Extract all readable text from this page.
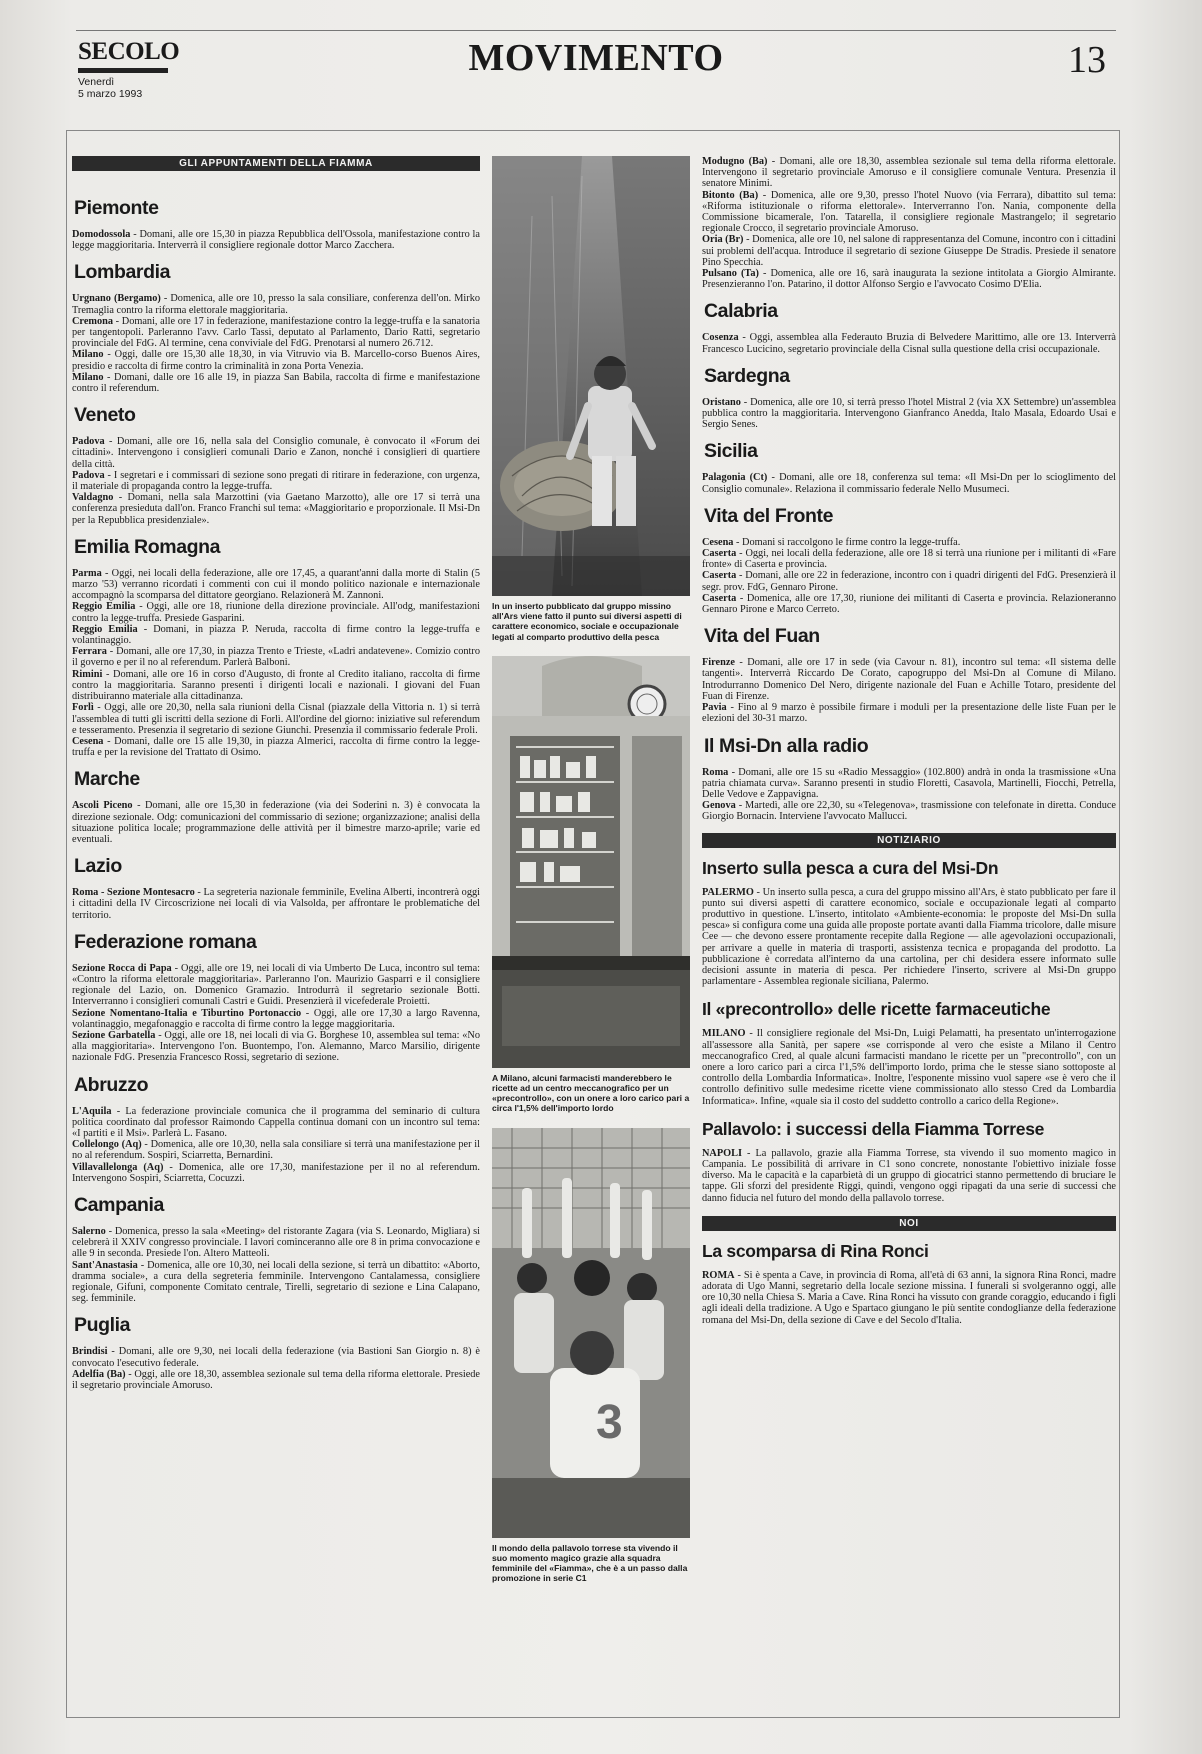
SECOLO
Venerdì
5 marzo 1993
MOVIMENTO	13
GLI APPUNTAMENTI DELLA FIAMMA
Piemonte

Domodossola - Domani, alle ore 15,30 in piazza Repubblica dell'Ossola, manifestazione contro la legge maggioritaria. Interverrà il consigliere regionale dottor Marco Zacchera.

Lombardia

Urgnano (Bergamo) - Domenica, alle ore 10, presso la sala consiliare, conferenza dell'on. Mirko Tremaglia contro la riforma elettorale maggioritaria.

Cremona - Domani, alle ore 17 in federazione, manifestazione contro la legge-truffa e la sanatoria per tangentopoli. Parleranno l'avv. Carlo Tassi, deputato al Parlamento, Dario Ratti, segretario provinciale del FdG. Al termine, cena conviviale del FdG. Prenotarsi al numero 26.712.

Milano - Oggi, dalle ore 15,30 alle 18,30, in via Vitruvio via B. Marcello-corso Buenos Aires, presidio e raccolta di firme contro la criminalità in zona Porta Venezia.

Milano - Domani, dalle ore 16 alle 19, in piazza San Babila, raccolta di firme e manifestazione contro il referendum.

Veneto

Padova - Domani, alle ore 16, nella sala del Consiglio comunale, è convocato il «Forum dei cittadini». Intervengono i consiglieri comunali Dario e Zanon, nonché i consiglieri di quartiere della città.

Padova - I segretari e i commissari di sezione sono pregati di ritirare in federazione, con urgenza, il materiale di propaganda contro la legge-truffa.

Valdagno - Domani, nella sala Marzottini (via Gaetano Marzotto), alle ore 17 si terrà una conferenza presieduta dall'on. Franco Franchi sul tema: «Maggioritario e proporzionale. Il Msi-Dn per la Repubblica presidenziale».

Emilia Romagna

Parma - Oggi, nei locali della federazione, alle ore 17,45, a quarant'anni dalla morte di Stalin (5 marzo '53) verranno ricordati i commenti con cui il mondo politico nazionale e internazionale accompagnò la scomparsa del dittatore georgiano. Relazionerà M. Zannoni.

Reggio Emilia - Oggi, alle ore 18, riunione della direzione provinciale. All'odg, manifestazioni contro la legge-truffa. Presiede Gasparini.

Reggio Emilia - Domani, in piazza P. Neruda, raccolta di firme contro la legge-truffa e volantinaggio.

Ferrara - Domani, alle ore 17,30, in piazza Trento e Trieste, «Ladri andatevene». Comizio contro il governo e per il no al referendum. Parlerà Balboni.

Rimini - Domani, alle ore 16 in corso d'Augusto, di fronte al Credito italiano, raccolta di firme contro la maggioritaria. Saranno presenti i dirigenti locali e nazionali. I giovani del Fuan distribuiranno materiale alla cittadinanza.

Forlì - Oggi, alle ore 20,30, nella sala riunioni della Cisnal (piazzale della Vittoria n. 1) si terrà l'assemblea di tutti gli iscritti della sezione di Forlì. All'ordine del giorno: iniziative sul referendum e tesseramento. Presenzia il segretario di sezione Giunchi. Presenzia il commissario federale Proli.

Cesena - Domani, dalle ore 15 alle 19,30, in piazza Almerici, raccolta di firme contro la legge-truffa e per la revisione del Trattato di Osimo.

Marche

Ascoli Piceno - Domani, alle ore 15,30 in federazione (via dei Soderini n. 3) è convocata la direzione sezionale. Odg: comunicazioni del commissario di sezione; organizzazione; analisi della situazione politica locale; programmazione delle attività per il bimestre marzo-aprile; varie ed eventuali.

Lazio

Roma - Sezione Montesacro - La segreteria nazionale femminile, Evelina Alberti, incontrerà oggi i cittadini della IV Circoscrizione nei locali di via Valsolda, per affrontare le problematiche del territorio.

Federazione romana

Sezione Rocca di Papa - Oggi, alle ore 19, nei locali di via Umberto De Luca, incontro sul tema: «Contro la riforma elettorale maggioritaria». Parleranno l'on. Maurizio Gasparri e il consigliere regionale del Lazio, on. Domenico Gramazio. Introdurrà il segretario sezionale Botti. Interverranno i consiglieri comunali Castri e Guidi. Presenzierà il vicefederale Proietti.

Sezione Nomentano-Italia e Tiburtino Portonaccio - Oggi, alle ore 17,30 a largo Ravenna, volantinaggio, megafonaggio e raccolta di firme contro la legge maggioritaria.

Sezione Garbatella - Oggi, alle ore 18, nei locali di via G. Borghese 10, assemblea sul tema: «No alla maggioritaria». Intervengono l'on. Buontempo, l'on. Alemanno, Marco Marsilio, dirigente nazionale FdG. Presenzia Francesco Rossi, segretario di sezione.

Abruzzo

L'Aquila - La federazione provinciale comunica che il programma del seminario di cultura politica coordinato dal professor Raimondo Cappella continua domani con un incontro sul tema: «I partiti e il Msi». Parlerà L. Fasano.

Collelongo (Aq) - Domenica, alle ore 10,30, nella sala consiliare si terrà una manifestazione per il no al referendum. Sospiri, Sciarretta, Bernardini.

Villavallelonga (Aq) - Domenica, alle ore 17,30, manifestazione per il no al referendum. Intervengono Sospiri, Sciarretta, Cocuzzi.

Campania

Salerno - Domenica, presso la sala «Meeting» del ristorante Zagara (via S. Leonardo, Migliara) si celebrerà il XXIV congresso provinciale. I lavori cominceranno alle ore 8 in prima convocazione e alle 9 in seconda. Presiede l'on. Altero Matteoli.

Sant'Anastasia - Domenica, alle ore 10,30, nei locali della sezione, si terrà un dibattito: «Aborto, dramma sociale», a cura della segreteria femminile. Intervengono Cantalamessa, consigliere regionale, Gifuni, componente Comitato centrale, Tirelli, segretario di sezione e Lina Calapano, seg. femminile.

Puglia

Brindisi - Domani, alle ore 9,30, nei locali della federazione (via Bastioni San Giorgio n. 8) è convocato l'esecutivo federale.

Adelfia (Ba) - Oggi, alle ore 18,30, assemblea sezionale sul tema della riforma elettorale. Presiede il segretario provinciale Amoruso.

In un inserto pubblicato dal gruppo missino all'Ars viene fatto il punto sui diversi aspetti di carattere economico, sociale e occupazionale legati al comparto produttivo della pesca
A Milano, alcuni farmacisti manderebbero le ricette ad un centro meccanografico per un «precontrollo», con un onere a loro carico pari a circa l'1,5% dell'importo lordo
3
Il mondo della pallavolo torrese sta vivendo il suo momento magico grazie alla squadra femminile del «Fiamma», che è a un passo dalla promozione in serie C1

Modugno (Ba) - Domani, alle ore 18,30, assemblea sezionale sul tema della riforma elettorale. Intervengono il segretario provinciale Amoruso e il consigliere comunale Ventura. Presenzia il senatore Minimi.

Bitonto (Ba) - Domenica, alle ore 9,30, presso l'hotel Nuovo (via Ferrara), dibattito sul tema: «Riforma istituzionale o riforma elettorale». Interverranno l'on. Nania, componente della Commissione bicamerale, l'on. Tatarella, il consigliere regionale Mastrangelo; il segretario regionale Crocco, il segretario provinciale Amoruso.

Oria (Br) - Domenica, alle ore 10, nel salone di rappresentanza del Comune, incontro con i cittadini sui problemi dell'acqua. Introduce il segretario di sezione Giuseppe De Stradis. Presiede il senatore Pino Specchia.

Pulsano (Ta) - Domenica, alle ore 16, sarà inaugurata la sezione intitolata a Giorgio Almirante. Presenzieranno l'on. Patarino, il dottor Alfonso Sergio e l'avvocato Cosimo D'Elia.

Calabria

Cosenza - Oggi, assemblea alla Federauto Bruzia di Belvedere Marittimo, alle ore 13. Interverrà Francesco Lucicino, segretario provinciale della Cisnal sulla questione della crisi occupazionale.

Sardegna

Oristano - Domenica, alle ore 10, si terrà presso l'hotel Mistral 2 (via XX Settembre) un'assemblea pubblica contro la maggioritaria. Intervengono Gianfranco Anedda, Italo Masala, Edoardo Usai e Sergio Senes.

Sicilia

Palagonia (Ct) - Domani, alle ore 18, conferenza sul tema: «Il Msi-Dn per lo scioglimento del Consiglio comunale». Relaziona il commissario federale Nello Musumeci.

Vita del Fronte

Cesena - Domani si raccolgono le firme contro la legge-truffa.

Caserta - Oggi, nei locali della federazione, alle ore 18 si terrà una riunione per i militanti di «Fare fronte» di Caserta e provincia.

Caserta - Domani, alle ore 22 in federazione, incontro con i quadri dirigenti del FdG. Presenzierà il segr. prov. FdG, Gennaro Pirone.

Caserta - Domenica, alle ore 17,30, riunione dei militanti di Caserta e provincia. Relazioneranno Gennaro Pirone e Marco Cerreto.

Vita del Fuan

Firenze - Domani, alle ore 17 in sede (via Cavour n. 81), incontro sul tema: «Il sistema delle tangenti». Interverrà Riccardo De Corato, capogruppo del Msi-Dn al Comune di Milano. Introdurranno Domenico Del Nero, dirigente nazionale del Fuan e Achille Totaro, presidente del Fuan di Firenze.

Pavia - Fino al 9 marzo è possibile firmare i moduli per la presentazione delle liste Fuan per le elezioni del 30-31 marzo.

Il Msi-Dn alla radio

Roma - Domani, alle ore 15 su «Radio Messaggio» (102.800) andrà in onda la trasmissione «Una patria chiamata curva». Saranno presenti in studio Floretti, Casavola, Martinelli, Fiocchi, Petrella, Delle Vedove e Zappavigna.

Genova - Martedì, alle ore 22,30, su «Telegenova», trasmissione con telefonate in diretta. Conduce Giorgio Bornacin. Interviene l'avvocato Mallucci.

NOTIZIARIO
Inserto sulla pesca a cura del Msi-Dn

PALERMO - Un inserto sulla pesca, a cura del gruppo missino all'Ars, è stato pubblicato per fare il punto sui diversi aspetti di carattere economico, sociale e occupazionale legati al comparto produttivo in questione. L'inserto, intitolato «Ambiente-economia: le proposte del Msi-Dn sulla pesca» si configura come una guida alle proposte portate avanti dalla Fiamma tricolore, dalle misure Cee — che devono essere prontamente recepite dalla Regione — alle agevolazioni occupazionali, per arrivare a quelle in materia di trasporti, assistenza tecnica e propaganda del prodotto. La pubblicazione è corredata all'interno da una cartolina, per chi desidera essere informato sulle decisioni assunte in materia di pesca. Per richiedere l'inserto, scrivere al Msi-Dn gruppo parlamentare - Assemblea regionale siciliana, Palermo.

Il «precontrollo» delle ricette farmaceutiche

MILANO - Il consigliere regionale del Msi-Dn, Luigi Pelamatti, ha presentato un'interrogazione all'assessore alla Sanità, per sapere «se corrisponde al vero che esiste a Milano il Centro meccanografico Cred, al quale alcuni farmacisti mandano le ricette per un "precontrollo", con un onere a loro carico pari a circa l'1,5% dell'importo lordo, prima che le stesse siano sottoposte al controllo della Lombardia Informatica». Inoltre, l'esponente missino vuol sapere «se è vero che il controllo definitivo sulle medesime ricette viene commissionato allo stesso Cred da Lombardia Informatica». Infine, «quale sia il costo del suddetto controllo a carico della Regione».

Pallavolo: i successi della Fiamma Torrese

NAPOLI - La pallavolo, grazie alla Fiamma Torrese, sta vivendo il suo momento magico in Campania. Le possibilità di arrivare in C1 sono concrete, nonostante l'obiettivo iniziale fosse diverso. Ma le capacità e la caparbietà di un gruppo di giocatrici stanno permettendo di bruciare le tappe. Gli sforzi del presidente Riggi, quindi, vengono oggi ripagati da una serie di successi che danno fiducia nel futuro del mondo della pallavolo torrese.

NOI
La scomparsa di Rina Ronci

ROMA - Si è spenta a Cave, in provincia di Roma, all'età di 63 anni, la signora Rina Ronci, madre adorata di Ugo Manni, segretario della locale sezione missina. I funerali si svolgeranno oggi, alle ore 10,30 nella Chiesa S. Maria a Cave. Rina Ronci ha vissuto con grande coraggio, educando i figli agli ideali della tradizione. A Ugo e Spartaco giungano le più sentite condoglianze della federazione romana del Msi-Dn, della sezione di Cave e del Secolo d'Italia.
